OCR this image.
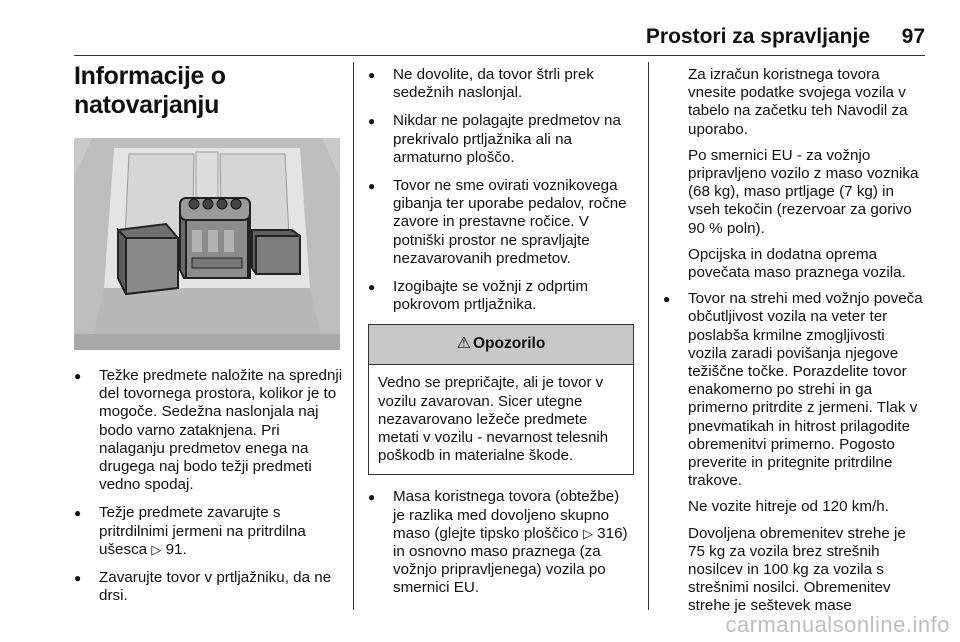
Prostori za spravljanje 97
Informacije o
natovarjanju
● Težke predmete naložite na sprednji del tovornega prostora, kolikor je to mogoče. Sedežna naslonjala naj bodo varno zataknjena. Pri nalaganju predmetov enega na drugega naj bodo težji predmeti vedno spodaj.
● Težje predmete zavarujte s pritrdilnimi jermeni na pritrdilna ušesca ▷ 91.
● Zavarujte tovor v prtljažniku, da ne drsi.
● Ne dovolite, da tovor štrli prek sedežnih naslonjal.
● Nikdar ne polagajte predmetov na prekrivalo prtljažnika ali na armaturno ploščo.
● Tovor ne sme ovirati voznikovega gibanja ter uporabe pedalov, ročne zavore in prestavne ročice. V potniški prostor ne spravljajte nezavarovanih predmetov.
● Izogibajte se vožnji z odprtim pokrovom prtljažnika.
⚠ Opozorilo
Vedno se prepričajte, ali je tovor v vozilu zavarovan. Sicer utegne nezavarovano ležeče predmete metati v vozilu - nevarnost telesnih poškodb in materialne škode.
● Masa koristnega tovora (obtežbe) je razlika med dovoljeno skupno maso (glejte tipsko ploščico ▷ 316) in osnovno maso praznega (za vožnjo pripravljenega) vozila po smernici EU.

Za izračun koristnega tovora vnesite podatke svojega vozila v tabelo na začetku teh Navodil za uporabo.

Po smernici EU - za vožnjo pripravljeno vozilo z maso voznika (68 kg), maso prtljage (7 kg) in vseh tekočin (rezervoar za gorivo 90 % poln).

Opcijska in dodatna oprema povečata maso praznega vozila.

● Tovor na strehi med vožnjo poveča občutljivost vozila na veter ter poslabša krmilne zmogljivosti vozila zaradi povišanja njegove težiščne točke. Porazdelite tovor enakomerno po strehi in ga primerno pritrdite z jermeni. Tlak v pnevmatikah in hitrost prilagodite obremenitvi primerno. Pogosto preverite in pritegnite pritrdilne trakove.

Ne vozite hitreje od 120 km/h.

Dovoljena obremenitev strehe je 75 kg za vozila brez strešnih nosilcev in 100 kg za vozila s strešnimi nosilci. Obremenitev strehe je seštevek mase

carmanualsonline.info
